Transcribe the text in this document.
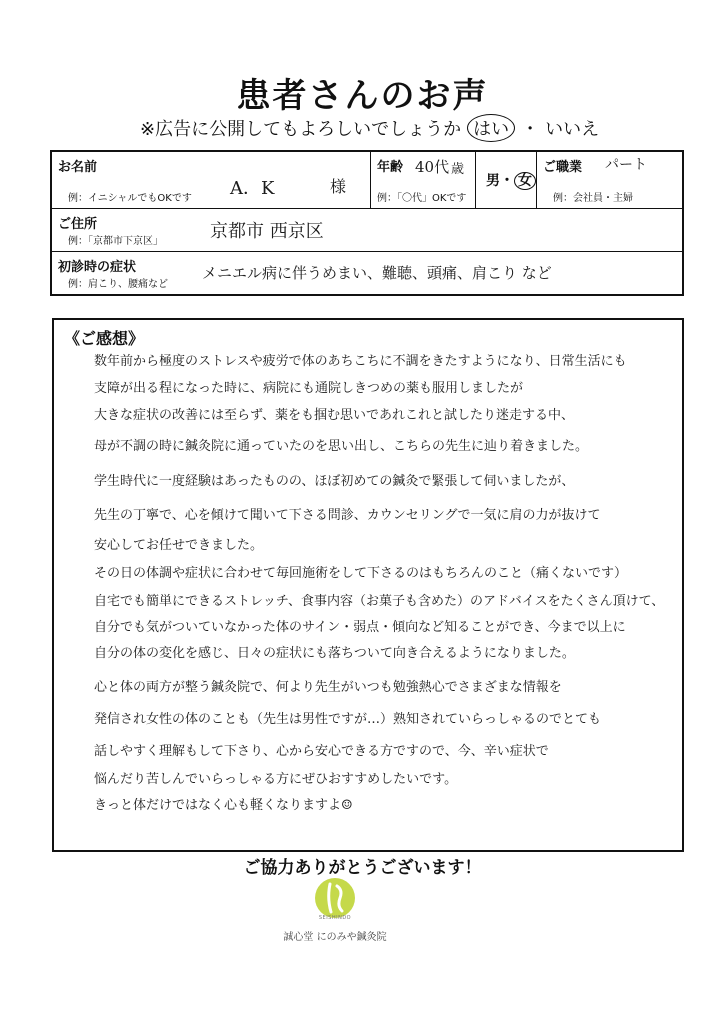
患者さんのお声
※広告に公開してもよろしいでしょうか はい ・ いいえ
お名前
例：イニシャルでもOKです A．K	様
年齢 40代 歳
例：「〇代」OKです
男・ 女
ご職業 パート
例：会社員・主婦
ご住所
例：「京都市下京区」	京都市 西京区
初診時の症状
例：肩こり、腰痛など
メニエル病に伴うめまい、難聴、頭痛、肩こり など
《ご感想》
数年前から極度のストレスや疲労で体のあちこちに不調をきたすようになり、日常生活にも
支障が出る程になった時に、病院にも通院しきつめの薬も服用しましたが
大きな症状の改善には至らず、薬をも掴む思いであれこれと試したり迷走する中、
母が不調の時に鍼灸院に通っていたのを思い出し、こちらの先生に辿り着きました。
学生時代に一度経験はあったものの、ほぼ初めての鍼灸で緊張して伺いましたが、
先生の丁寧で、心を傾けて聞いて下さる問診、カウンセリングで一気に肩の力が抜けて
安心してお任せできました。
その日の体調や症状に合わせて毎回施術をして下さるのはもちろんのこと（痛くないです）
自宅でも簡単にできるストレッチ、食事内容（お菓子も含めた）のアドバイスをたくさん頂けて、
自分でも気がついていなかった体のサイン・弱点・傾向など知ることができ、今まで以上に
自分の体の変化を感じ、日々の症状にも落ちついて向き合えるようになりました。
心と体の両方が整う鍼灸院で、何より先生がいつも勉強熱心でさまざまな情報を
発信され女性の体のことも（先生は男性ですが…）熟知されていらっしゃるのでとても
話しやすく理解もして下さり、心から安心できる方ですので、今、辛い症状で
悩んだり苦しんでいらっしゃる方にぜひおすすめしたいです。
きっと体だけではなく心も軽くなりますよ☺
ご協力ありがとうございます！
SEISHINDO
誠心堂 にのみや鍼灸院
